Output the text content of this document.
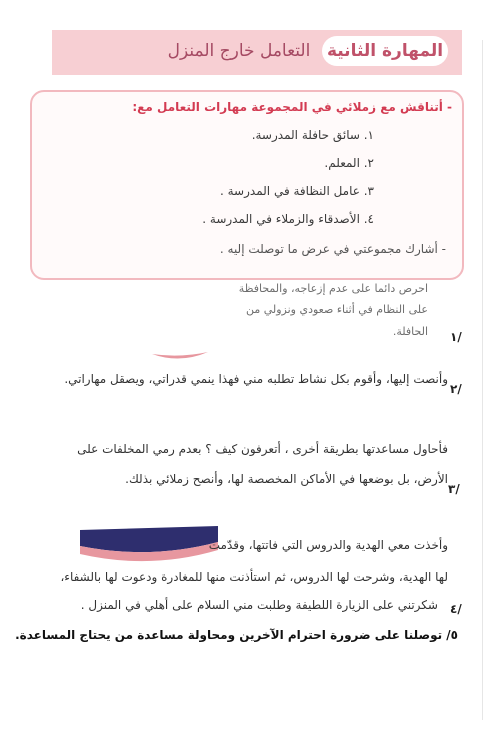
المهارة الثانية
التعامل خارج المنزل
- أتناقش مع زملائي في المجموعة مهارات التعامل مع:
١. سائق حافلة المدرسة.
٢. المعلم.
٣. عامل النظافة في المدرسة .
٤. الأصدقاء والزملاء في المدرسة .
- أشارك مجموعتي في عرض ما توصلت إليه .
احرص دائما على عدم إزعاجه، والمحافظة
على النظام في أثناء صعودي ونزولي من
الحافلة. ١/
وأنصت إليها، وأقوم بكل نشاط تطلبه مني فهذا ينمي قدراتي، ويصقل مهاراتي.
٢/
فأحاول مساعدتها بطريقة أخرى ، أتعرفون كيف ؟ بعدم رمي المخلفات على
الأرض، بل بوضعها في الأماكن المخصصة لها، وأنصح زملائي بذلك.
٣/
وأخذت معي الهدية والدروس التي فاتتها، وقدّمت
لها الهدية، وشرحت لها الدروس، ثم استأذنت منها للمغادرة ودعوت لها بالشفاء،
شكرتني على الزيارة اللطيفة وطلبت مني السلام على أهلي في المنزل . ٤/
٥/ توصلنا على ضرورة احترام الآخرين ومحاولة مساعدة من يحتاج المساعدة.
